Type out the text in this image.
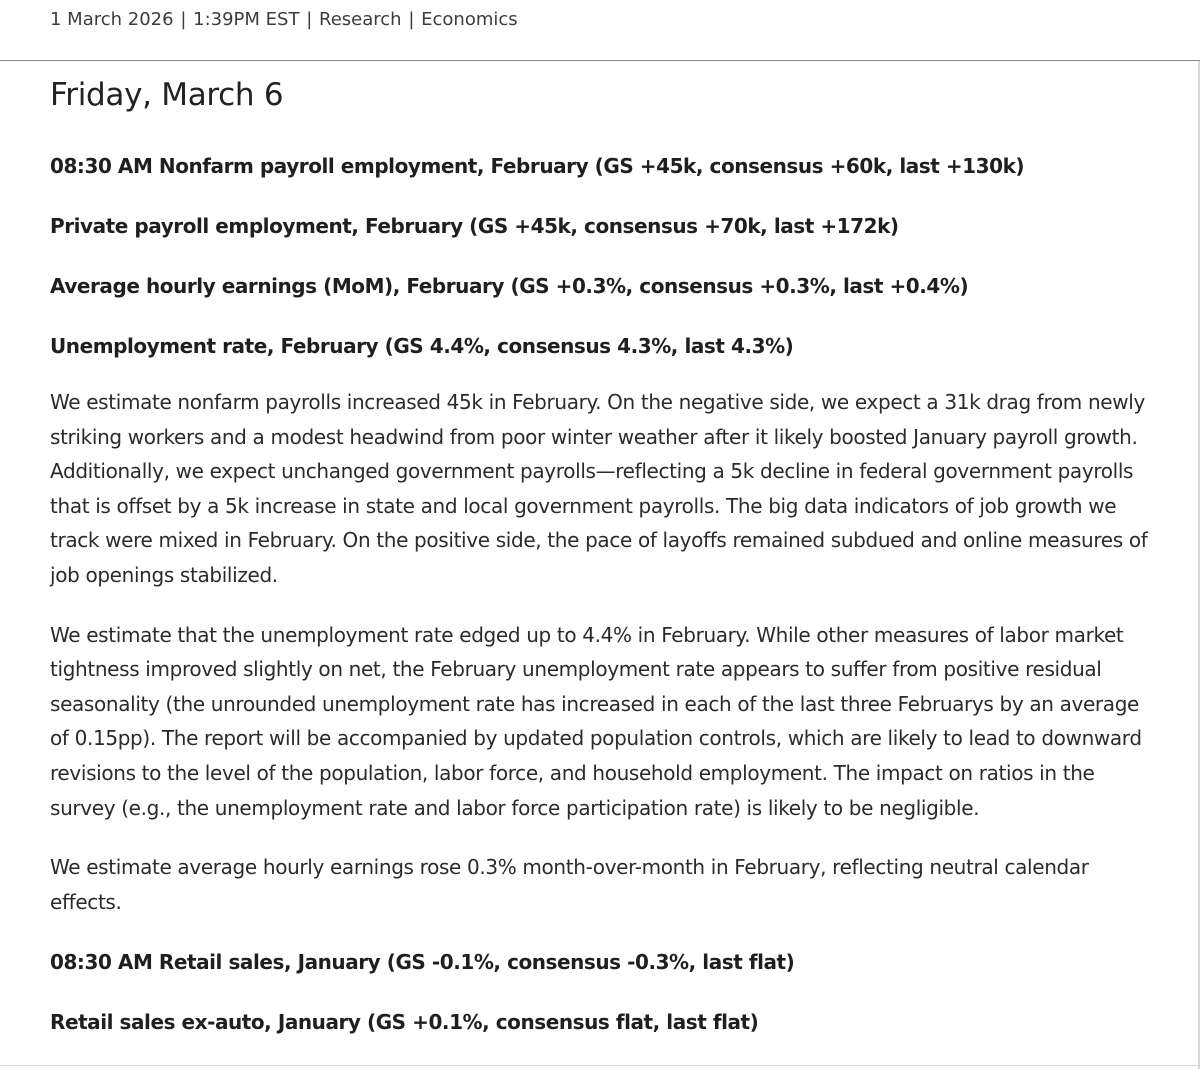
1 March 2026 | 1:39PM EST | Research | Economics
Friday, March 6

08:30 AM Nonfarm payroll employment, February (GS +45k, consensus +60k, last +130k)

Private payroll employment, February (GS +45k, consensus +70k, last +172k)

Average hourly earnings (MoM), February (GS +0.3%, consensus +0.3%, last +0.4%)

Unemployment rate, February (GS 4.4%, consensus 4.3%, last 4.3%)

We estimate nonfarm payrolls increased 45k in February. On the negative side, we expect a 31k drag from newly striking workers and a modest headwind from poor winter weather after it likely boosted January payroll growth. Additionally, we expect unchanged government payrolls—reflecting a 5k decline in federal government payrolls that is offset by a 5k increase in state and local government payrolls. The big data indicators of job growth we track were mixed in February. On the positive side, the pace of layoffs remained subdued and online measures of job openings stabilized.

We estimate that the unemployment rate edged up to 4.4% in February. While other measures of labor market tightness improved slightly on net, the February unemployment rate appears to suffer from positive residual seasonality (the unrounded unemployment rate has increased in each of the last three Februarys by an average of 0.15pp). The report will be accompanied by updated population controls, which are likely to lead to downward revisions to the level of the population, labor force, and household employment. The impact on ratios in the survey (e.g., the unemployment rate and labor force participation rate) is likely to be negligible.

We estimate average hourly earnings rose 0.3% month-over-month in February, reflecting neutral calendar effects.

08:30 AM Retail sales, January (GS -0.1%, consensus -0.3%, last flat)

Retail sales ex-auto, January (GS +0.1%, consensus flat, last flat)
